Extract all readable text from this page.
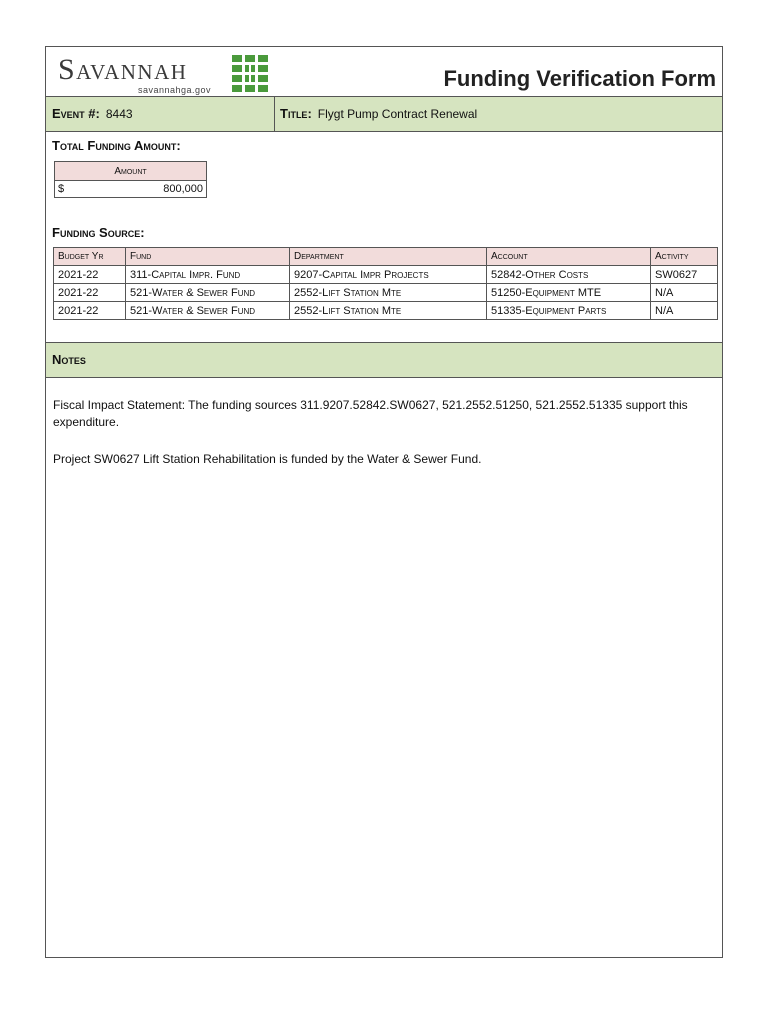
Savannah
savannahga.gov	Funding Verification Form
Event #: 8443	Title: Flygt Pump Contract Renewal
Total Funding Amount:
Amount
$	800,000
Funding Source:
Budget Yr	Fund	Department	Account	Activity
2021-22	311-Capital Impr. Fund	9207-Capital Impr Projects	52842-Other Costs	SW0627
2021-22	521-Water & Sewer Fund	2552-Lift Station Mte	51250-Equipment MTE	N/A
2021-22	521-Water & Sewer Fund	2552-Lift Station Mte	51335-Equipment Parts	N/A
Notes

Fiscal Impact Statement: The funding sources 311.9207.52842.SW0627, 521.2552.51250, 521.2552.51335 support this expenditure.

Project SW0627 Lift Station Rehabilitation is funded by the Water & Sewer Fund.
